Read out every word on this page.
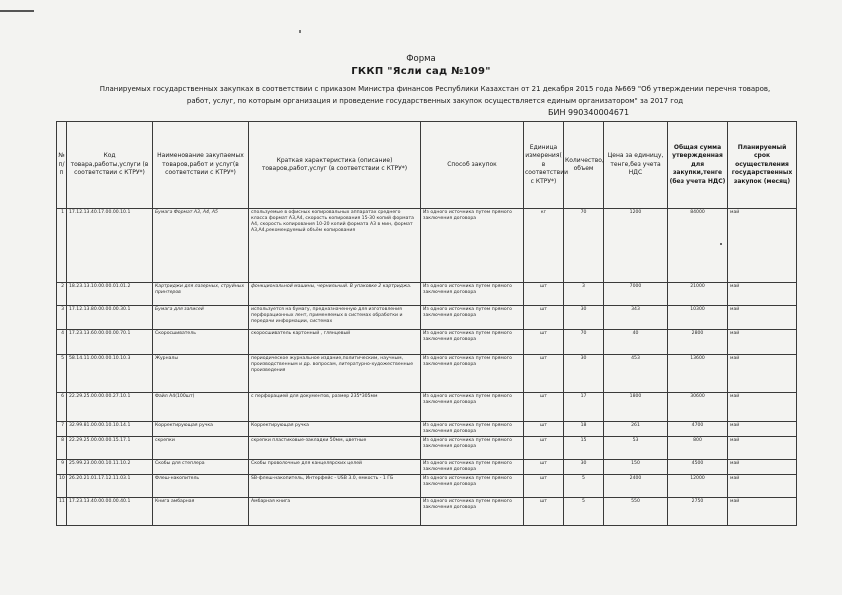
Форма
ГККП "Ясли сад №109"
Планируемых государственных закупках в соответствии с приказом Министра финансов Республики Казахстан от 21 декабря 2015 года №669 "Об утверждении перечня товаров,
работ, услуг, по которым организация и проведение государственных закупок осуществляется единым организатором" за 2017 год
БИН 990340004671
№ п/п	Код товара,работы,услуги (в соответствии с КТРУ*)	Наименование закупаемых товаров,работ и услуг(в соответствии с КТРУ*)	Краткая характеристика (описание) товаров,работ,услуг (в соответствии с КТРУ*)	Способ закупок	Единица измерения( в соответствии с КТРУ*)	Количество, объем	Цена за единицу, тенге,без учета НДС	Общая сумма утвержденная для закупки,тенге (без учета НДС)	Планируемый срок осуществления государственных закупок (месяц)
1	17.12.13.40.17.00.00.10.1	Бумага Формат А3, А4, А5	спользуемые в офисных копировальных аппаратах среднего класса формат А3,А4, скорость копирования 15-30 копий формата А4, скорость копирования 10-20 копий формата А3 в мин, формат А3,А4,рекомендуемый объём копирования	Из одного источника путем прямого заключения договора	кг	70	1200	84000	май
2	18.23.13.10.00.00.01.01.2	Картриджи для лазерных, струйных принтеров	фонкциональной машины, чернильный. В упаковке 2 картриджа.	Из одного источника путем прямого заключения договора	шт	3	7000	21000	май
3	17.12.13.80.00.00.00.30.1	Бумага для записей	используется на бумагу, предназначенную для изготовления перфорационных лент, применяемых в системах обработки и передачи информации, системах	Из одного источника путем прямого заключения договора	шт	30	343	10300	май
4	17.23.13.60.00.00.00.70.1	Скоросшиватель	скоросшиватель картонный , глянцевый	Из одного источника путем прямого заключения договора	шт	70	40	2800	май
5	58.14.11.00.00.00.10.10.3	Журналы	периодическое журнальное издание,политическим, научным, производственным и др. вопросам, литературно-художественные произведения	Из одного источника путем прямого заключения договора	шт	30	453	13600	май
6	22.29.25.00.00.00.27.10.1	Файл А4(100шт)	с перфорацией для документов, размер 235*305мм	Из одного источника путем прямого заключения договора	шт	17	1800	30600	май
7	32.99.81.00.00.10.10.14.1	Корректирующая ручка	Корректирующая ручка	Из одного источника путем прямого заключения договора	шт	18	261	4700	май
8	22.29.25.00.00.00.15.17.1	скрепки	скрепки пластиковые-закладки 50мм, цветные	Из одного источника путем прямого заключения договора	шт	15	53	800	май
9	25.99.23.00.00.10.11.10.2	Скобы для степлера	Скобы проволочные для канцелярских целей	Из одного источника путем прямого заключения договора	шт	30	150	4500	май
10	26.20.21.01.17.12.11.03.1	Флеш-накопитель	SB-флеш-накопитель, Интерфейс - USB 3.0, емкость - 1 ГБ	Из одного источника путем прямого заключения договора	шт	5	2400	12000	май
11	17.23.13.40.00.00.00.40.1	Книга амбарная	Амбарная книга	Из одного источника путем прямого заключения договора	шт	5	550	2750	май
